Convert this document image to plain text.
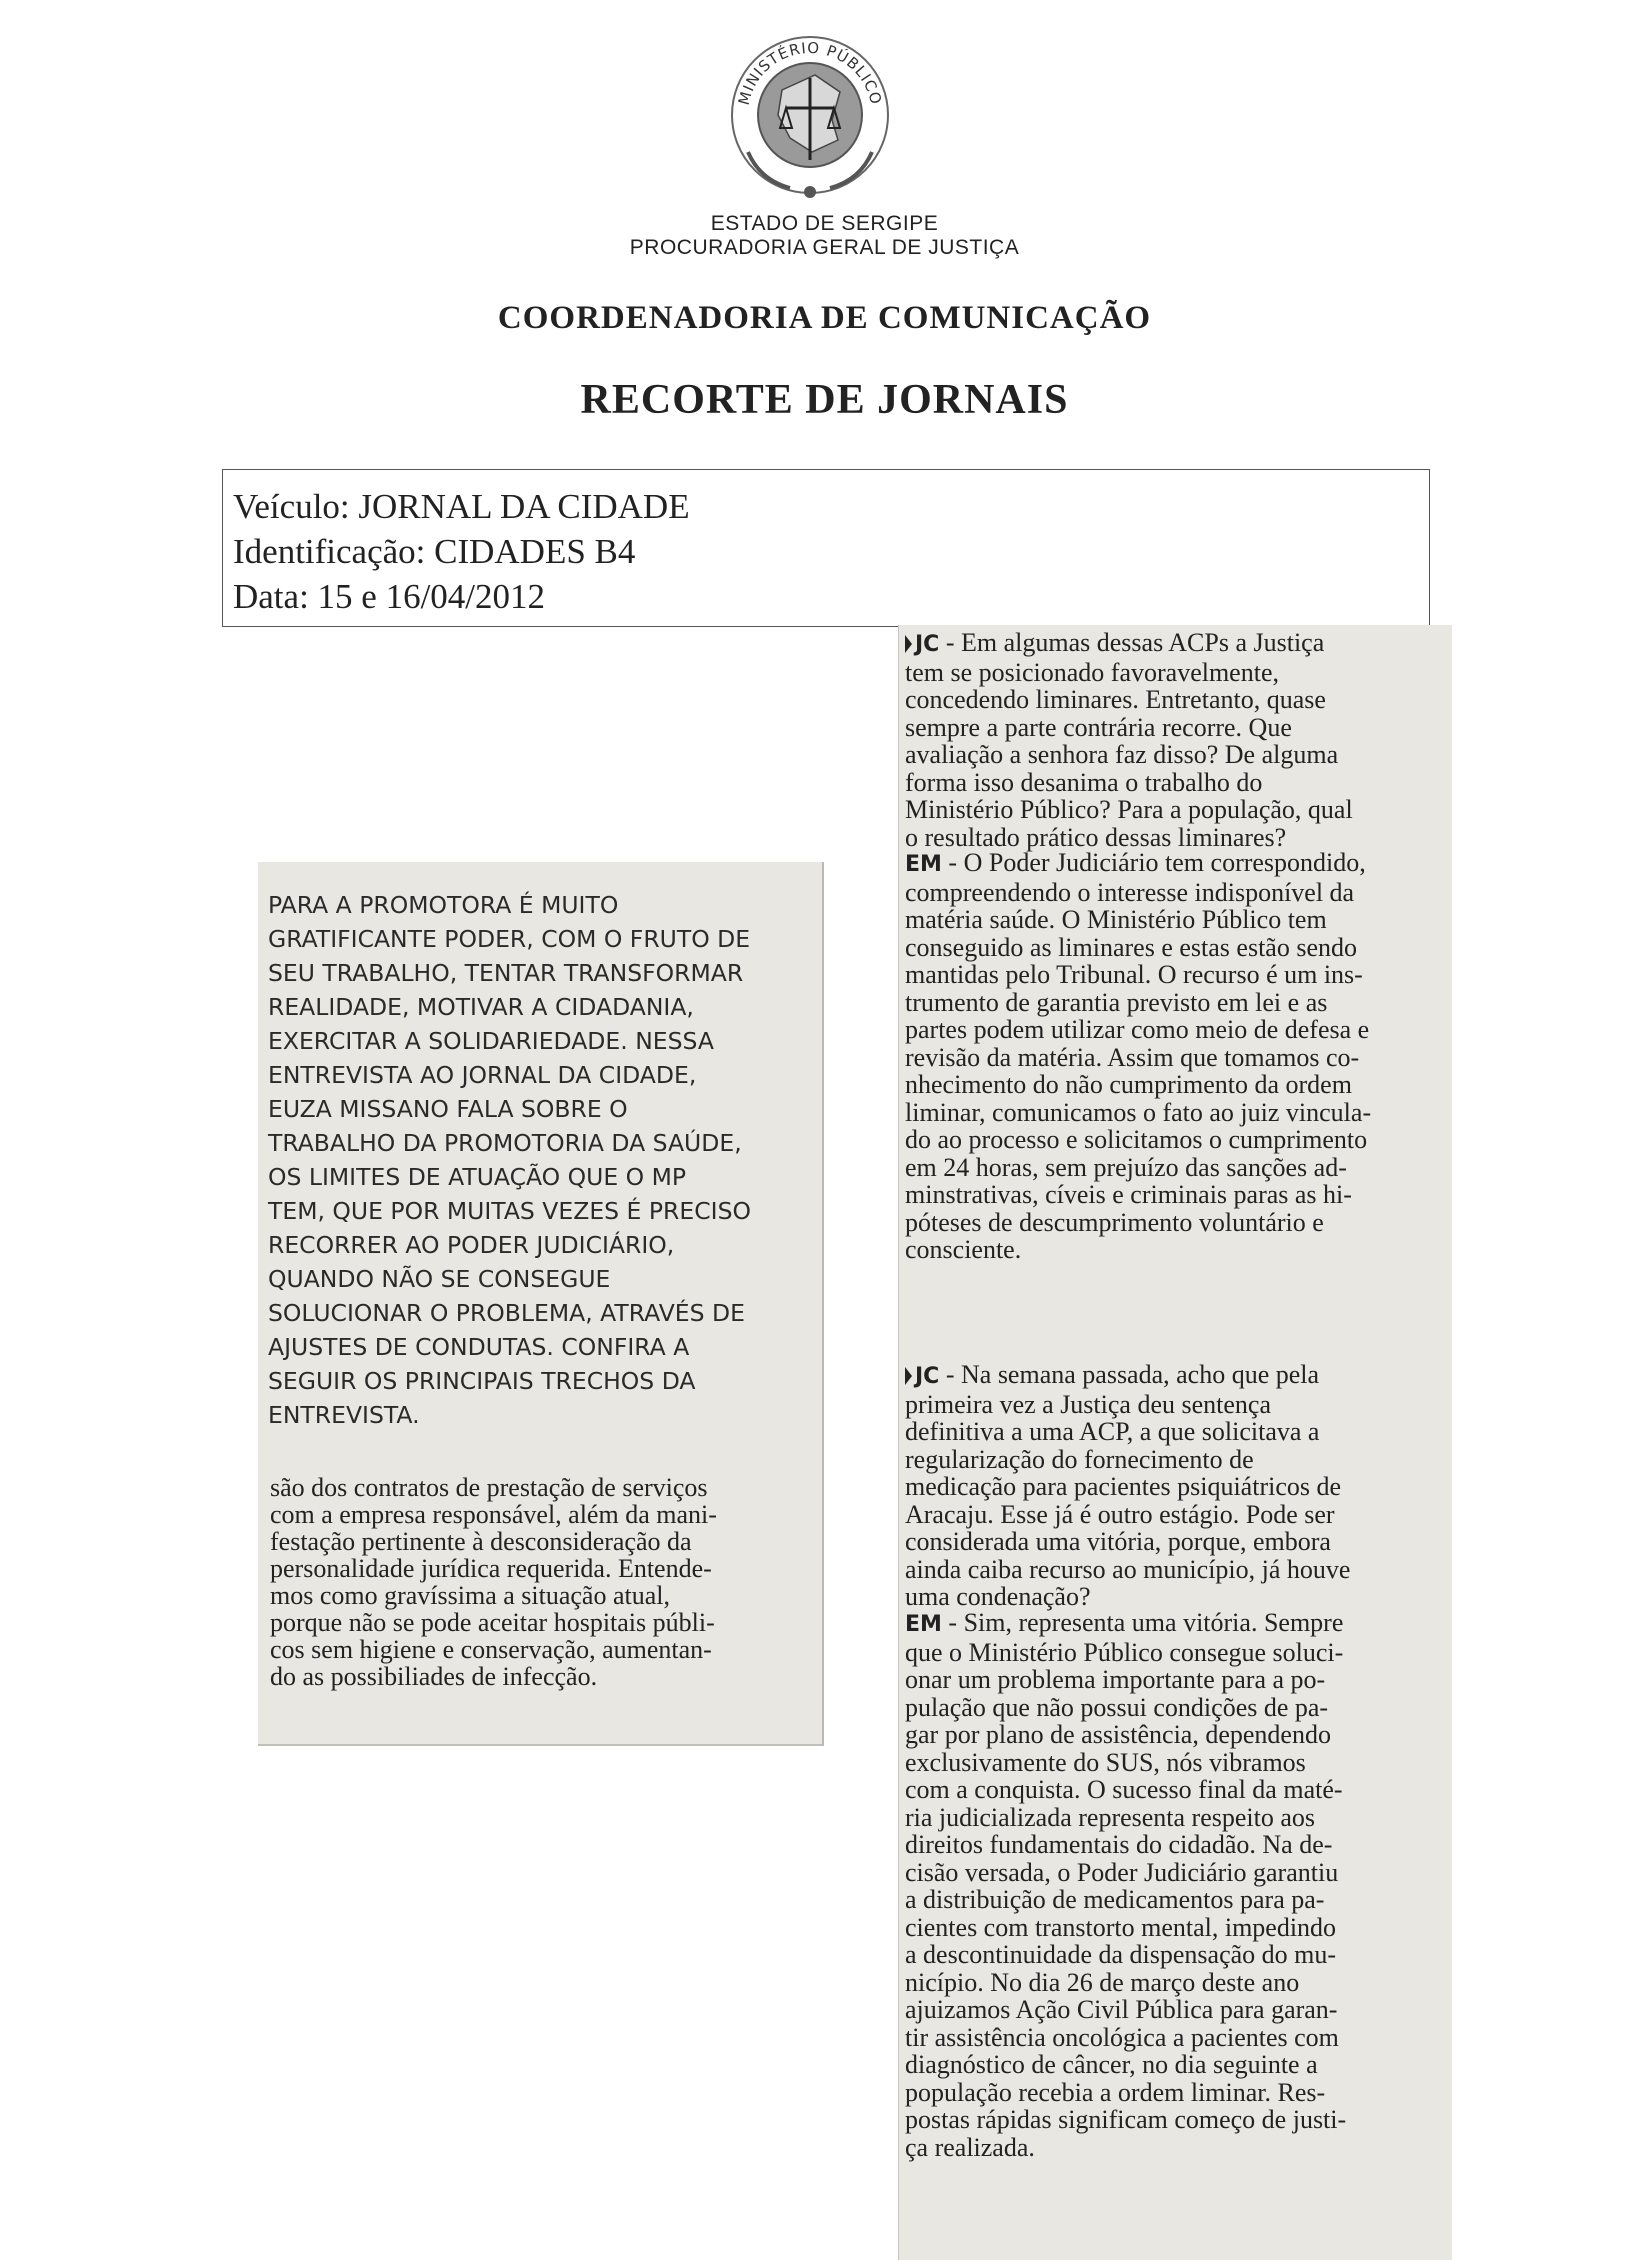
MINISTÉRIO PÚBLICO
ESTADO DE SERGIPE
PROCURADORIA GERAL DE JUSTIÇA
COORDENADORIA DE COMUNICAÇÃO
RECORTE DE JORNAIS
Veículo: JORNAL DA CIDADE
Identificação: CIDADES B4
Data: 15 e 16/04/2012
PARA A PROMOTORA É MUITO
GRATIFICANTE PODER, COM O FRUTO DE
SEU TRABALHO, TENTAR TRANSFORMAR
REALIDADE, MOTIVAR A CIDADANIA,
EXERCITAR A SOLIDARIEDADE. NESSA
ENTREVISTA AO JORNAL DA CIDADE,
EUZA MISSANO FALA SOBRE O
TRABALHO DA PROMOTORIA DA SAÚDE,
OS LIMITES DE ATUAÇÃO QUE O MP
TEM, QUE POR MUITAS VEZES É PRECISO
RECORRER AO PODER JUDICIÁRIO,
QUANDO NÃO SE CONSEGUE
SOLUCIONAR O PROBLEMA, ATRAVÉS DE
AJUSTES DE CONDUTAS. CONFIRA A
SEGUIR OS PRINCIPAIS TRECHOS DA
ENTREVISTA.
são dos contratos de prestação de serviços
com a empresa responsável, além da mani-
festação pertinente à desconsideração da
personalidade jurídica requerida. Entende-
mos como gravíssima a situação atual,
porque não se pode aceitar hospitais públi-
cos sem higiene e conservação, aumentan-
do as possibiliades de infecção.
JC - Em algumas dessas ACPs a Justiça
tem se posicionado favoravelmente,
concedendo liminares. Entretanto, quase
sempre a parte contrária recorre. Que
avaliação a senhora faz disso? De alguma
forma isso desanima o trabalho do
Ministério Público? Para a população, qual
o resultado prático dessas liminares?
EM - O Poder Judiciário tem correspondido,
compreendendo o interesse indisponível da
matéria saúde. O Ministério Público tem
conseguido as liminares e estas estão sendo
mantidas pelo Tribunal. O recurso é um ins-
trumento de garantia previsto em lei e as
partes podem utilizar como meio de defesa e
revisão da matéria. Assim que tomamos co-
nhecimento do não cumprimento da ordem
liminar, comunicamos o fato ao juiz vincula-
do ao processo e solicitamos o cumprimento
em 24 horas, sem prejuízo das sanções ad-
minstrativas, cíveis e criminais paras as hi-
póteses de descumprimento voluntário e
consciente.
JC - Na semana passada, acho que pela
primeira vez a Justiça deu sentença
definitiva a uma ACP, a que solicitava a
regularização do fornecimento de
medicação para pacientes psiquiátricos de
Aracaju. Esse já é outro estágio. Pode ser
considerada uma vitória, porque, embora
ainda caiba recurso ao município, já houve
uma condenação?
EM - Sim, representa uma vitória. Sempre
que o Ministério Público consegue soluci-
onar um problema importante para a po-
pulação que não possui condições de pa-
gar por plano de assistência, dependendo
exclusivamente do SUS, nós vibramos
com a conquista. O sucesso final da maté-
ria judicializada representa respeito aos
direitos fundamentais do cidadão. Na de-
cisão versada, o Poder Judiciário garantiu
a distribuição de medicamentos para pa-
cientes com transtorto mental, impedindo
a descontinuidade da dispensação do mu-
nicípio. No dia 26 de março deste ano
ajuizamos Ação Civil Pública para garan-
tir assistência oncológica a pacientes com
diagnóstico de câncer, no dia seguinte a
população recebia a ordem liminar. Res-
postas rápidas significam começo de justi-
ça realizada.
